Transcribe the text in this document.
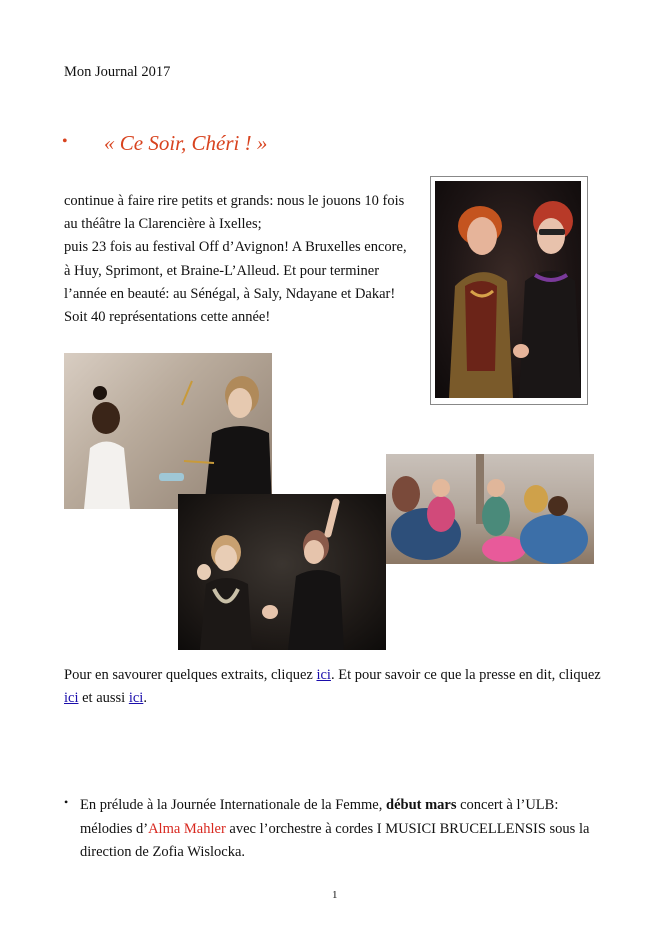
Mon Journal 2017
• « Ce Soir, Chéri ! »
continue à faire rire petits et grands: nous le jouons 10 fois
au théâtre la Clarencière à Ixelles;
puis 23 fois au festival Off d’Avignon! A Bruxelles encore,
à Huy, Sprimont, et Braine-L’Alleud. Et pour terminer
l’année en beauté: au Sénégal, à Saly, Ndayane et Dakar!
Soit 40 représentations cette année!
Pour en savourer quelques extraits, cliquez ici. Et pour savoir ce que la presse en dit, cliquez
ici et aussi ici.
• En prélude à la Journée Internationale de la Femme, début mars concert à l’ULB:
mélodies d’Alma Mahler avec l’orchestre à cordes I MUSICI BRUCELLENSIS sous la
direction de Zofia Wislocka.
1
